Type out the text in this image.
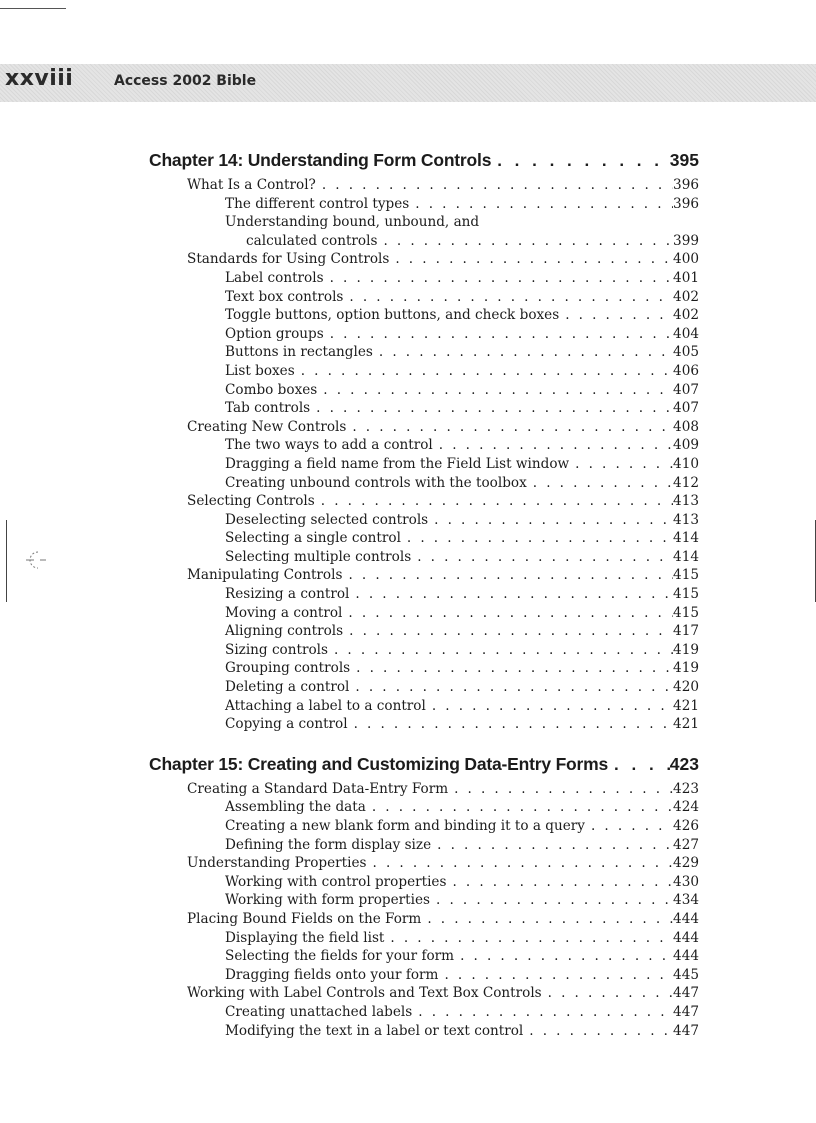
xxviii	Access 2002 Bible
Chapter 14: Understanding Form Controls . . .	395
What Is a Control? . . .	396
The different control types . . .	396
Understanding bound, unbound, and
calculated controls . . .	399
Standards for Using Controls . . .	400
Label controls . . .	401
Text box controls . . .	402
Toggle buttons, option buttons, and check boxes . . .	402
Option groups . . .	404
Buttons in rectangles . . .	405
List boxes . . .	406
Combo boxes . . .	407
Tab controls . . .	407
Creating New Controls . . .	408
The two ways to add a control . . .	409
Dragging a field name from the Field List window . . .	410
Creating unbound controls with the toolbox . . .	412
Selecting Controls . . .	413
Deselecting selected controls . . .	413
Selecting a single control . . .	414
Selecting multiple controls . . .	414
Manipulating Controls . . .	415
Resizing a control . . .	415
Moving a control . . .	415
Aligning controls . . .	417
Sizing controls . . .	419
Grouping controls . . .	419
Deleting a control . . .	420
Attaching a label to a control . . .	421
Copying a control . . .	421
Chapter 15: Creating and Customizing Data-Entry Forms . . .	423
Creating a Standard Data-Entry Form . . .	423
Assembling the data . . .	424
Creating a new blank form and binding it to a query . . .	426
Defining the form display size . . .	427
Understanding Properties . . .	429
Working with control properties . . .	430
Working with form properties . . .	434
Placing Bound Fields on the Form . . .	444
Displaying the field list . . .	444
Selecting the fields for your form . . .	444
Dragging fields onto your form . . .	445
Working with Label Controls and Text Box Controls . . .	447
Creating unattached labels . . .	447
Modifying the text in a label or text control . . .	447
